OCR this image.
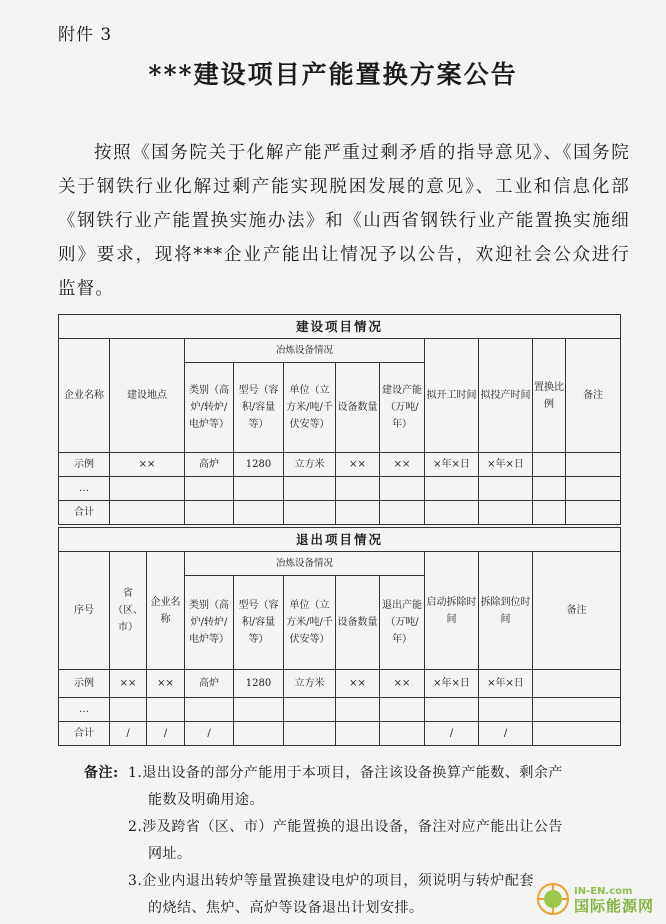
附件 3
***建设项目产能置换方案公告
按照《国务院关于化解产能严重过剩矛盾的指导意见》、《国务院关于钢铁行业化解过剩产能实现脱困发展的意见》、工业和信息化部《钢铁行业产能置换实施办法》和《山西省钢铁行业产能置换实施细则》要求，现将***企业产能出让情况予以公告，欢迎社会公众进行监督。
建设项目情况										
企业名称	建设地点	冶炼设备情况					拟开工时间	拟投产时间	置换比例	备注
		类别（高炉/转炉/电炉等）	型号（容积/容量等）	单位（立方米/吨/千伏安等）	设备数量	建设产能（万吨/年）				
示例	××	高炉	1280	立方米	××	××	×年×日	×年×日		
…										
合计										
退出项目情况										
序号	省（区、市）	企业名称	冶炼设备情况					启动拆除时间	拆除到位时间	备注
			类别（高炉/转炉/电炉等）	型号（容积/容量等）	单位（立方米/吨/千伏安等）	设备数量	退出产能（万吨/年）			
示例	××	××	高炉	1280	立方米	××	××	×年×日	×年×日	
…										
合计	/	/	/					/	/	
备注: 1.退出设备的部分产能用于本项目，备注该设备换算产能数、剩余产
能数及明确用途。
2.涉及跨省（区、市）产能置换的退出设备，备注对应产能出让公告
网址。
3.企业内退出转炉等量置换建设电炉的项目，须说明与转炉配套
的烧结、焦炉、高炉等设备退出计划安排。
IN-EN.com
国际能源网
